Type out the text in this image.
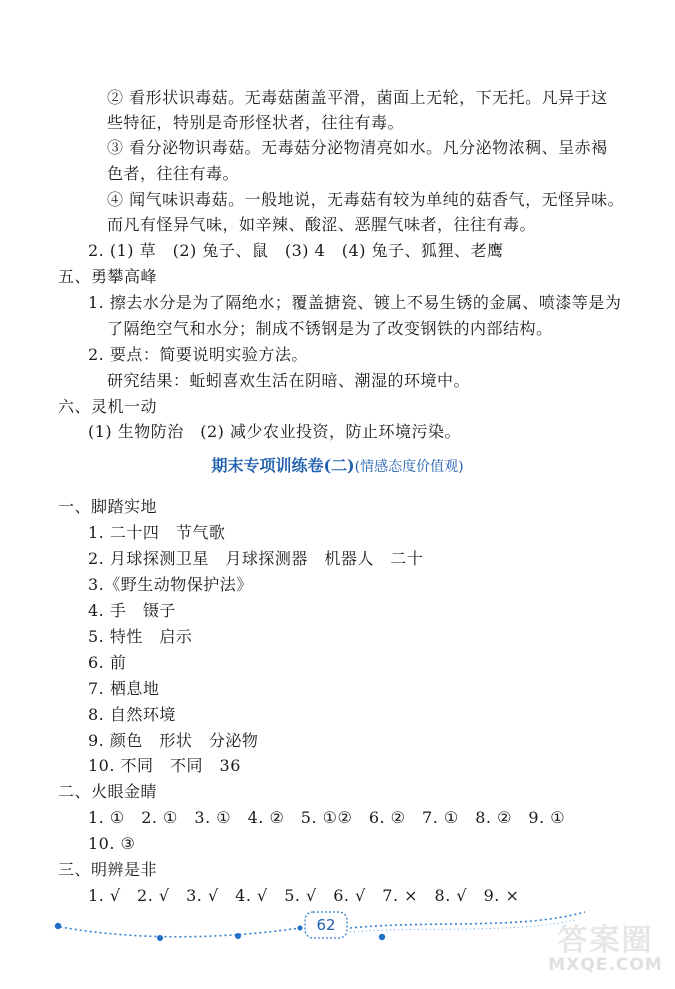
② 看形状识毒菇。无毒菇菌盖平滑，菌面上无轮，下无托。凡异于这
些特征，特别是奇形怪状者，往往有毒。
③ 看分泌物识毒菇。无毒菇分泌物清亮如水。凡分泌物浓稠、呈赤褐
色者，往往有毒。
④ 闻气味识毒菇。一般地说，无毒菇有较为单纯的菇香气，无怪异味。
而凡有怪异气味，如辛辣、酸涩、恶腥气味者，往往有毒。
2. (1) 草　(2) 兔子、鼠　(3) 4　(4) 兔子、狐狸、老鹰
五、勇攀高峰
1. 擦去水分是为了隔绝水；覆盖搪瓷、镀上不易生锈的金属、喷漆等是为
了隔绝空气和水分；制成不锈钢是为了改变钢铁的内部结构。
2. 要点：简要说明实验方法。
研究结果：蚯蚓喜欢生活在阴暗、潮湿的环境中。
六、灵机一动
(1) 生物防治　(2) 减少农业投资，防止环境污染。
期末专项训练卷(二)(情感态度价值观)
一、脚踏实地
1. 二十四　节气歌
2. 月球探测卫星　月球探测器　机器人　二十
3.《野生动物保护法》
4. 手　镊子
5. 特性　启示
6. 前
7. 栖息地
8. 自然环境
9. 颜色　形状　分泌物
10. 不同　不同　36
二、火眼金睛
1. ①　2. ①　3. ①　4. ②　5. ①②　6. ②　7. ①　8. ②　9. ①
10. ③
三、明辨是非
1. √　2. √　3. √　4. √　5. √　6. √　7. ×　8. √　9. ×
62	答案圈
MXQE.COM
